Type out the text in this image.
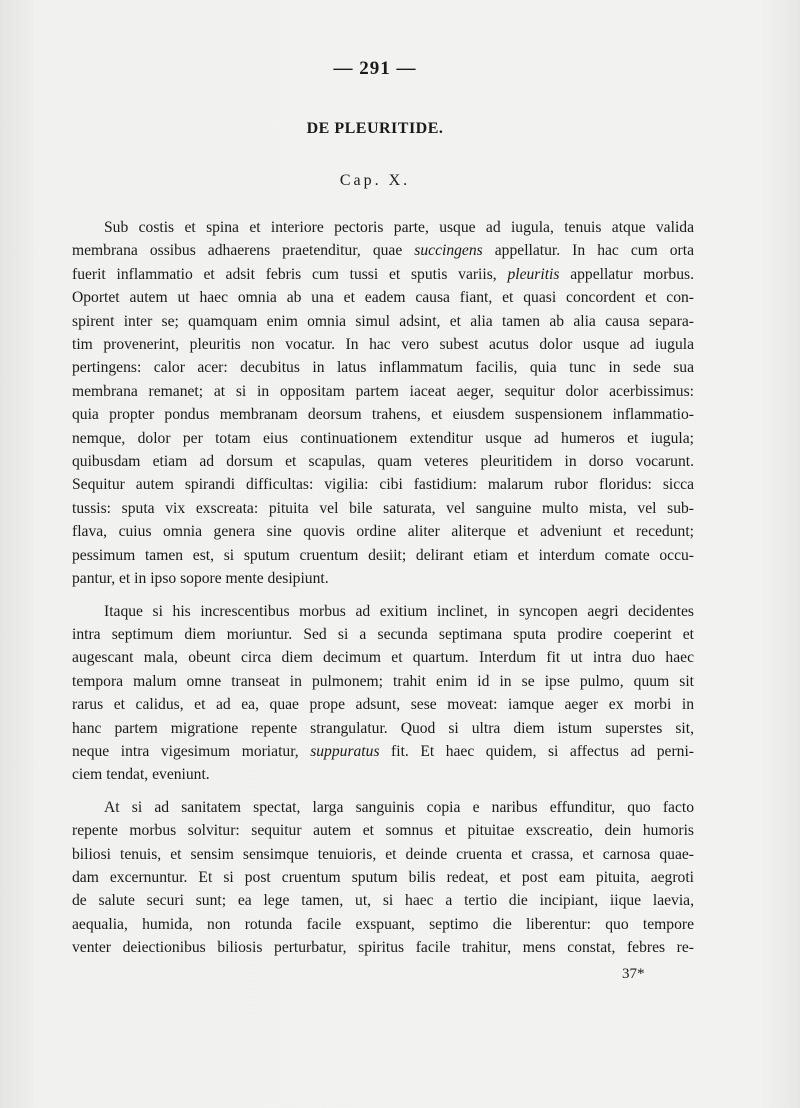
— 291 —
DE PLEURITIDE.
Cap. X.
Sub costis et spina et interiore pectoris parte, usque ad iugula, tenuis atque valida
membrana ossibus adhaerens praetenditur, quae succingens appellatur. In hac cum orta
fuerit inflammatio et adsit febris cum tussi et sputis variis, pleuritis appellatur morbus.
Oportet autem ut haec omnia ab una et eadem causa fiant, et quasi concordent et con-
spirent inter se; quamquam enim omnia simul adsint, et alia tamen ab alia causa separa-
tim provenerint, pleuritis non vocatur. In hac vero subest acutus dolor usque ad iugula
pertingens: calor acer: decubitus in latus inflammatum facilis, quia tunc in sede sua
membrana remanet; at si in oppositam partem iaceat aeger, sequitur dolor acerbissimus:
quia propter pondus membranam deorsum trahens, et eiusdem suspensionem inflammatio-
nemque, dolor per totam eius continuationem extenditur usque ad humeros et iugula;
quibusdam etiam ad dorsum et scapulas, quam veteres pleuritidem in dorso vocarunt.
Sequitur autem spirandi difficultas: vigilia: cibi fastidium: malarum rubor floridus: sicca
tussis: sputa vix exscreata: pituita vel bile saturata, vel sanguine multo mista, vel sub-
flava, cuius omnia genera sine quovis ordine aliter aliterque et adveniunt et recedunt;
pessimum tamen est, si sputum cruentum desiit; delirant etiam et interdum comate occu-
pantur, et in ipso sopore mente desipiunt.
Itaque si his increscentibus morbus ad exitium inclinet, in syncopen aegri decidentes
intra septimum diem moriuntur. Sed si a secunda septimana sputa prodire coeperint et
augescant mala, obeunt circa diem decimum et quartum. Interdum fit ut intra duo haec
tempora malum omne transeat in pulmonem; trahit enim id in se ipse pulmo, quum sit
rarus et calidus, et ad ea, quae prope adsunt, sese moveat: iamque aeger ex morbi in
hanc partem migratione repente strangulatur. Quod si ultra diem istum superstes sit,
neque intra vigesimum moriatur, suppuratus fit. Et haec quidem, si affectus ad perni-
ciem tendat, eveniunt.
At si ad sanitatem spectat, larga sanguinis copia e naribus effunditur, quo facto
repente morbus solvitur: sequitur autem et somnus et pituitae exscreatio, dein humoris
biliosi tenuis, et sensim sensimque tenuioris, et deinde cruenta et crassa, et carnosa quae-
dam excernuntur. Et si post cruentum sputum bilis redeat, et post eam pituita, aegroti
de salute securi sunt; ea lege tamen, ut, si haec a tertio die incipiant, iique laevia,
aequalia, humida, non rotunda facile exspuant, septimo die liberentur: quo tempore
venter deiectionibus biliosis perturbatur, spiritus facile trahitur, mens constat, febres re-
37*
